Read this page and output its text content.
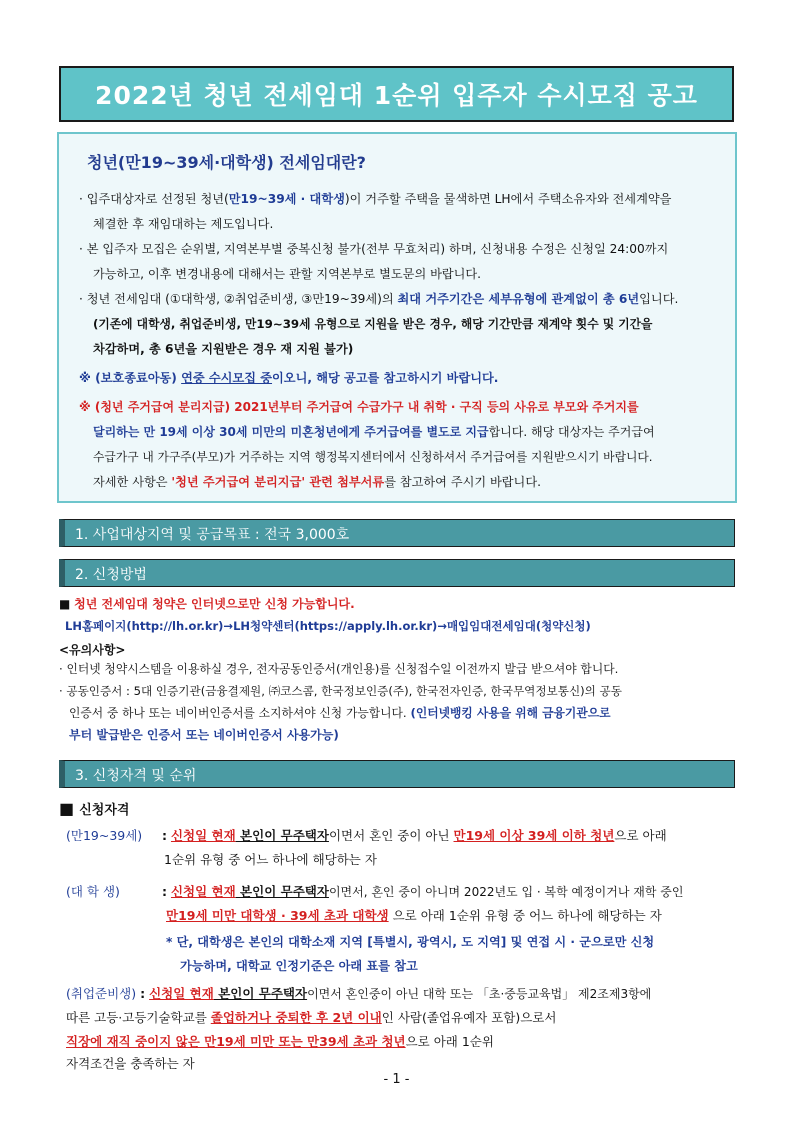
2022년 청년 전세임대 1순위 입주자 수시모집 공고
청년(만19~39세·대학생) 전세임대란?
· 입주대상자로 선정된 청년(만19~39세 · 대학생)이 거주할 주택을 물색하면 LH에서 주택소유자와 전세계약을
체결한 후 재임대하는 제도입니다.
· 본 입주자 모집은 순위별, 지역본부별 중복신청 불가(전부 무효처리) 하며, 신청내용 수정은 신청일 24:00까지
가능하고, 이후 변경내용에 대해서는 관할 지역본부로 별도문의 바랍니다.
· 청년 전세임대 (①대학생, ②취업준비생, ③만19~39세)의 최대 거주기간은 세부유형에 관계없이 총 6년입니다.
(기존에 대학생, 취업준비생, 만19~39세 유형으로 지원을 받은 경우, 해당 기간만큼 재계약 횟수 및 기간을
차감하며, 총 6년을 지원받은 경우 재 지원 불가)
※ (보호종료아동) 연중 수시모집 중이오니, 해당 공고를 참고하시기 바랍니다.
※ (청년 주거급여 분리지급) 2021년부터 주거급여 수급가구 내 취학 · 구직 등의 사유로 부모와 주거지를
달리하는 만 19세 이상 30세 미만의 미혼청년에게 주거급여를 별도로 지급합니다. 해당 대상자는 주거급여
수급가구 내 가구주(부모)가 거주하는 지역 행정복지센터에서 신청하셔서 주거급여를 지원받으시기 바랍니다.
자세한 사항은 '청년 주거급여 분리지급' 관련 첨부서류를 참고하여 주시기 바랍니다.
1. 사업대상지역 및 공급목표 : 전국 3,000호
2. 신청방법
■ 청년 전세임대 청약은 인터넷으로만 신청 가능합니다.
LH홈페이지(http://lh.or.kr)→LH청약센터(https://apply.lh.or.kr)→매입임대전세임대(청약신청)
<유의사항>
· 인터넷 청약시스템을 이용하실 경우, 전자공동인증서(개인용)를 신청접수일 이전까지 발급 받으셔야 합니다.
· 공동인증서 : 5대 인증기관(금융결제원, ㈜코스콤, 한국정보인증(주), 한국전자인증, 한국무역정보통신)의 공동
인증서 중 하나 또는 네이버인증서를 소지하셔야 신청 가능합니다. (인터넷뱅킹 사용을 위해 금융기관으로
부터 발급받은 인증서 또는 네이버인증서 사용가능)
3. 신청자격 및 순위
■ 신청자격
(만19~39세) : 신청일 현재 본인이 무주택자이면서 혼인 중이 아닌 만19세 이상 39세 이하 청년으로 아래
1순위 유형 중 어느 하나에 해당하는 자
(대 학 생)	: 신청일 현재 본인이 무주택자이면서, 혼인 중이 아니며 2022년도 입 · 복학 예정이거나 재학 중인
만19세 미만 대학생 · 39세 초과 대학생 으로 아래 1순위 유형 중 어느 하나에 해당하는 자
* 단, 대학생은 본인의 대학소재 지역 [특별시, 광역시, 도 지역] 및 연접 시 · 군으로만 신청
가능하며, 대학교 인정기준은 아래 표를 참고
(취업준비생) : 신청일 현재 본인이 무주택자이면서 혼인중이 아닌 대학 또는 「초·중등교육법」 제2조제3항에
따른 고등·고등기술학교를 졸업하거나 중퇴한 후 2년 이내인 사람(졸업유예자 포함)으로서
직장에 재직 중이지 않은 만19세 미만 또는 만39세 초과 청년으로 아래 1순위
자격조건을 충족하는 자
- 1 -
